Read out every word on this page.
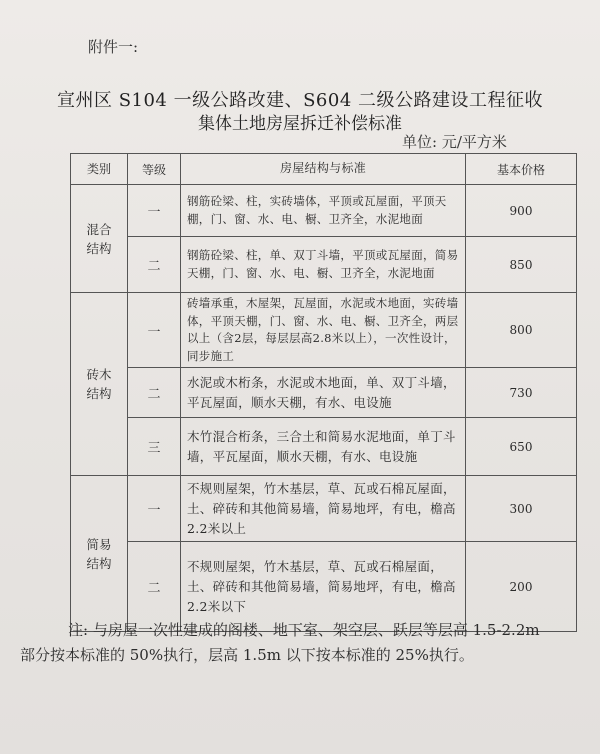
附件一:
宣州区 S104 一级公路改建、S604 二级公路建设工程征收
集体土地房屋拆迁补偿标准
单位: 元/平方米
类别	等级	房屋结构与标准	基本价格

混合
结构	一	钢筋砼梁、柱，实砖墙体，平顶或瓦屋面，平顶天棚，门、窗、水、电、橱、卫齐全，水泥地面	900
	二	钢筋砼梁、柱，单、双丁斗墙，平顶或瓦屋面，简易天棚，门、窗、水、电、橱、卫齐全，水泥地面	850

砖木
结构	一	砖墙承重，木屋架，瓦屋面，水泥或木地面，实砖墙体，平顶天棚，门、窗、水、电、橱、卫齐全，两层以上（含2层，每层层高2.8米以上），一次性设计，同步施工	800
	二	水泥或木桁条，水泥或木地面，单、双丁斗墙，平瓦屋面，顺水天棚，有水、电设施	730
	三	木竹混合桁条，三合土和简易水泥地面，单丁斗墙，平瓦屋面，顺水天棚，有水、电设施	650

简易
结构	一	不规则屋架，竹木基层，草、瓦或石棉瓦屋面，土、碎砖和其他简易墙，简易地坪，有电，檐高2.2米以上	300
	二	不规则屋架，竹木基层，草、瓦或石棉屋面，土、碎砖和其他简易墙，简易地坪，有电，檐高2.2米以下	200
注: 与房屋一次性建成的阁楼、地下室、架空层、跃层等层高 1.5-2.2m
部分按本标准的 50%执行，层高 1.5m 以下按本标准的 25%执行。
